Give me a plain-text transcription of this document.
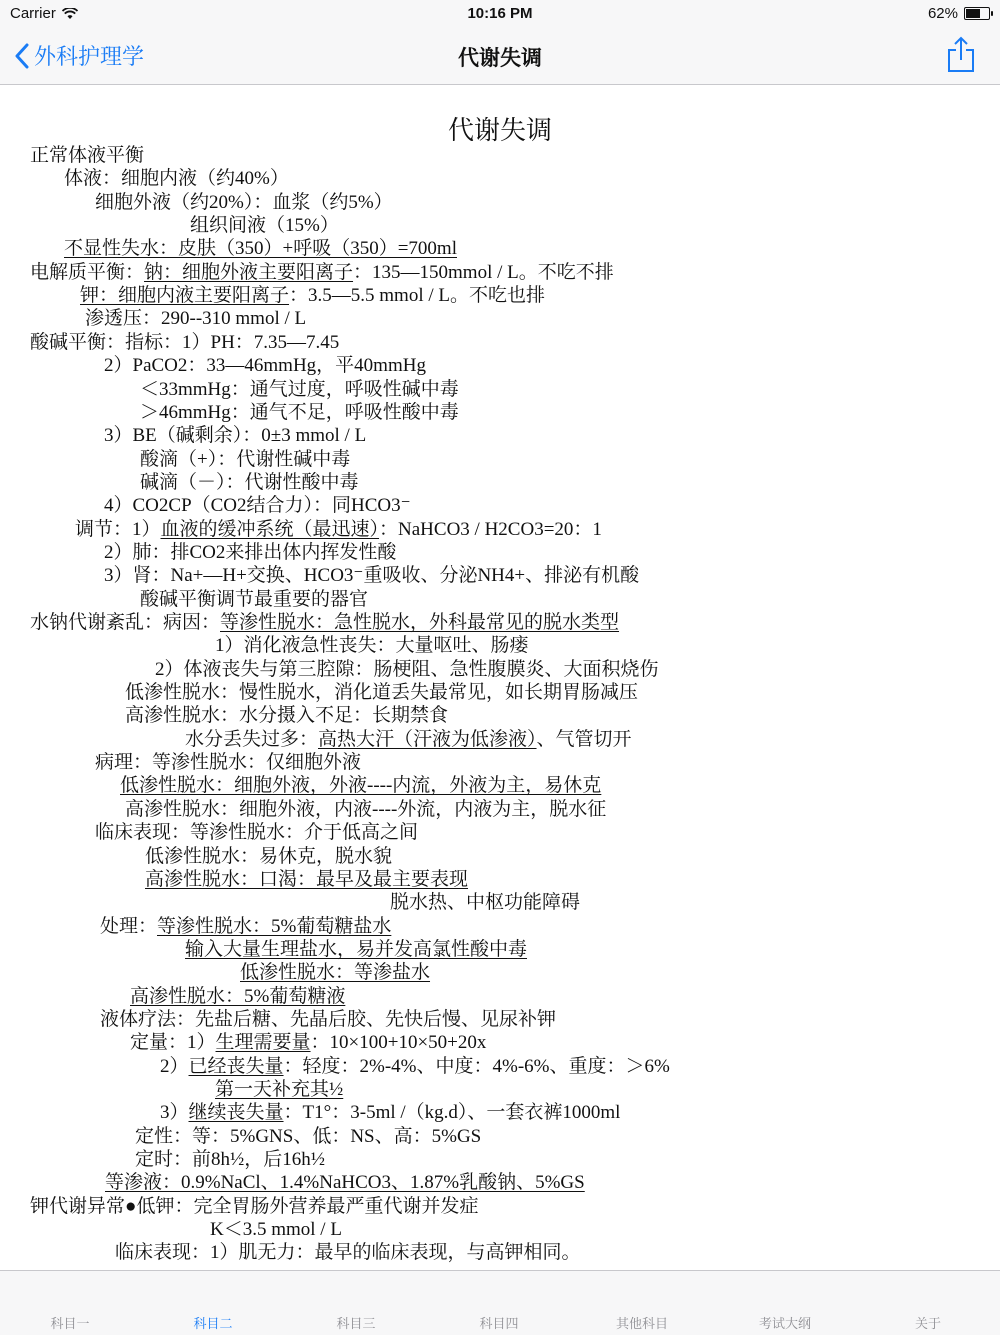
Carrier	10:16 PM	62%
外科护理学	代谢失调
代谢失调
正常体液平衡
体液：细胞内液（约40%）
细胞外液（约20%）：血浆（约5%）
组织间液（15%）
不显性失水：皮肤（350）+呼吸（350）=700ml
电解质平衡：钠：细胞外液主要阳离子：135—150mmol / L。不吃不排
钾：细胞内液主要阳离子：3.5—5.5 mmol / L。不吃也排
渗透压：290--310 mmol / L
酸碱平衡：指标：1）PH：7.35—7.45
2）PaCO2：33—46mmHg，平40mmHg
＜33mmHg：通气过度，呼吸性碱中毒
＞46mmHg：通气不足，呼吸性酸中毒
3）BE（碱剩余）：0±3 mmol / L
酸滴（+）：代谢性碱中毒
碱滴（－）：代谢性酸中毒
4）CO2CP（CO2结合力）：同HCO3⁻
调节：1）血液的缓冲系统（最迅速）：NaHCO3 / H2CO3=20：1
2）肺：排CO2来排出体内挥发性酸
3）肾：Na+—H+交换、HCO3⁻重吸收、分泌NH4+、排泌有机酸
酸碱平衡调节最重要的器官
水钠代谢紊乱：病因：等渗性脱水：急性脱水，外科最常见的脱水类型
1）消化液急性丧失：大量呕吐、肠瘘
2）体液丧失与第三腔隙：肠梗阻、急性腹膜炎、大面积烧伤
低渗性脱水：慢性脱水，消化道丢失最常见，如长期胃肠减压
高渗性脱水：水分摄入不足：长期禁食
水分丢失过多：高热大汗（汗液为低渗液）、气管切开
病理：等渗性脱水：仅细胞外液
低渗性脱水：细胞外液，外液----内流，外液为主，易休克
高渗性脱水：细胞外液，内液----外流，内液为主，脱水征
临床表现：等渗性脱水：介于低高之间
低渗性脱水：易休克，脱水貌
高渗性脱水：口渴：最早及最主要表现
脱水热、中枢功能障碍
处理：等渗性脱水：5%葡萄糖盐水
输入大量生理盐水，易并发高氯性酸中毒
低渗性脱水：等渗盐水
高渗性脱水：5%葡萄糖液
液体疗法：先盐后糖、先晶后胶、先快后慢、见尿补钾
定量：1）生理需要量：10×100+10×50+20x
2）已经丧失量：轻度：2%-4%、中度：4%-6%、重度：＞6%
第一天补充其½
3）继续丧失量：T1°：3-5ml /（kg.d）、一套衣裤1000ml
定性：等：5%GNS、低：NS、高：5%GS
定时：前8h½，后16h½
等渗液：0.9%NaCl、1.4%NaHCO3、1.87%乳酸钠、5%GS
钾代谢异常●低钾：完全胃肠外营养最严重代谢并发症
K＜3.5 mmol / L
临床表现：1）肌无力：最早的临床表现，与高钾相同。
科目一	科目二	科目三	科目四	其他科目	考试大纲	关于
